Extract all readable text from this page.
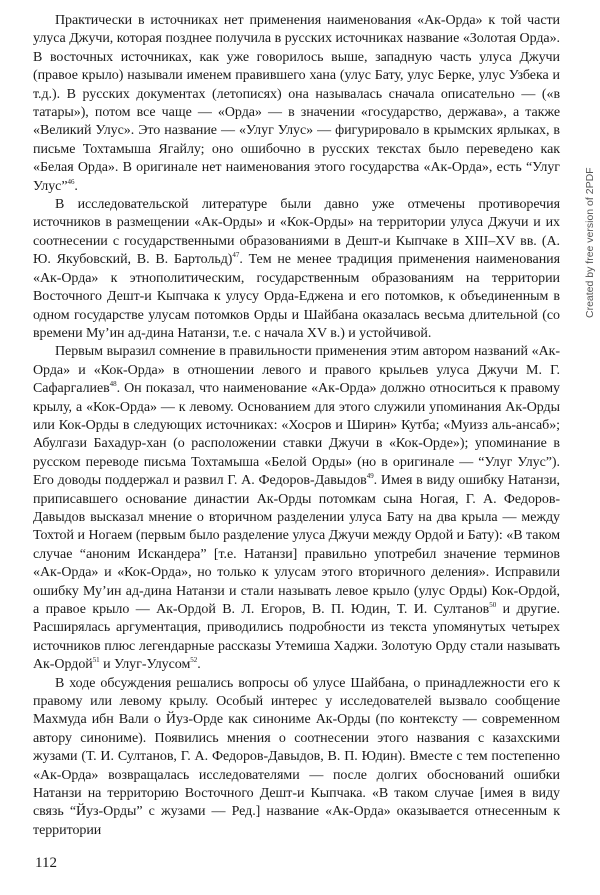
Практически в источниках нет применения наименования «Ак-Орда» к той части улуса Джучи, которая позднее получила в русских источниках название «Золотая Орда». В восточных источниках, как уже говорилось выше, западную часть улуса Джучи (правое крыло) называли именем правившего хана (улус Бату, улус Берке, улус Узбека и т.д.). В русских документах (летописях) она называлась сначала описательно — («в татары»), потом все чаще — «Орда» — в значении «государство, держава», а также «Великий Улус». Это название — «Улуг Улус» — фигурировало в крымских ярлыках, в письме Тохтамыша Ягайлу; оно ошибочно в русских текстах было переведено как «Белая Орда». В оригинале нет наименования этого государства «Ак-Орда», есть “Улуг Улус”$^{46}$.

В исследовательской литературе были давно уже отмечены противоречия источников в размещении «Ак-Орды» и «Кок-Орды» на территории улуса Джучи и их соотнесении с государственными образованиями в Дешт-и Кыпчаке в XIII–XV вв. (А. Ю. Якубовский, В. В. Бартольд)$^{47}$. Тем не менее традиция применения наименования «Ак-Орда» к этнополитическим, государственным образованиям на территории Восточного Дешт-и Кыпчака к улусу Орда-Еджена и его потомков, к объединенным в одном государстве улусам потомков Орды и Шайбана оказалась весьма длительной (со времени Му’ин ад-дина Натанзи, т.е. с начала XV в.) и устойчивой.

Первым выразил сомнение в правильности применения этим автором названий «Ак-Орда» и «Кок-Орда» в отношении левого и правого крыльев улуса Джучи М. Г. Сафаргалиев$^{48}$. Он показал, что наименование «Ак-Орда» должно относиться к правому крылу, а «Кок-Орда» — к левому. Основанием для этого служили упоминания Ак-Орды или Кок-Орды в следующих источниках: «Хосров и Ширин» Кутба; «Муизз аль-ансаб»; Абулгази Бахадур-хан (о расположении ставки Джучи в «Кок-Орде»); упоминание в русском переводе письма Тохтамыша «Белой Орды» (но в оригинале — “Улуг Улус”). Его доводы поддержал и развил Г. А. Федоров-Давыдов$^{49}$. Имея в виду ошибку Натанзи, приписавшего основание династии Ак-Орды потомкам сына Ногая, Г. А. Федоров-Давыдов высказал мнение о вторичном разделении улуса Бату на два крыла — между Тохтой и Ногаем (первым было разделение улуса Джучи между Ордой и Бату): «В таком случае “аноним Искандера” [т.е. Натанзи] правильно употребил значение терминов «Ак-Орда» и «Кок-Орда», но только к улусам этого вторичного деления». Исправили ошибку Му’ин ад-дина Натанзи и стали называть левое крыло (улус Орды) Кок-Ордой, а правое крыло — Ак-Ордой В. Л. Егоров, В. П. Юдин, Т. И. Султанов$^{50}$ и другие. Расширялась аргументация, приводились подробности из текста упомянутых четырех источников плюс легендарные рассказы Утемиша Хаджи. Золотую Орду стали называть Ак-Ордой$^{51}$ и Улуг-Улусом$^{52}$.

В ходе обсуждения решались вопросы об улусе Шайбана, о принадлежности его к правому или левому крылу. Особый интерес у исследователей вызвало сообщение Махмуда ибн Вали о Йуз-Орде как синониме Ак-Орды (по контексту — современном автору синониме). Появились мнения о соотнесении этого названия с казахскими жузами (Т. И. Султанов, Г. А. Федоров-Давыдов, В. П. Юдин). Вместе с тем постепенно «Ак-Орда» возвращалась исследователями — после долгих обоснований ошибки Натанзи на территорию Восточного Дешт-и Кыпчака. «В таком случае [имея в виду связь “Йуз-Орды” с жузами — Ред.] название «Ак-Орда» оказывается отнесенным к территории

112
Created by free version of 2PDF
